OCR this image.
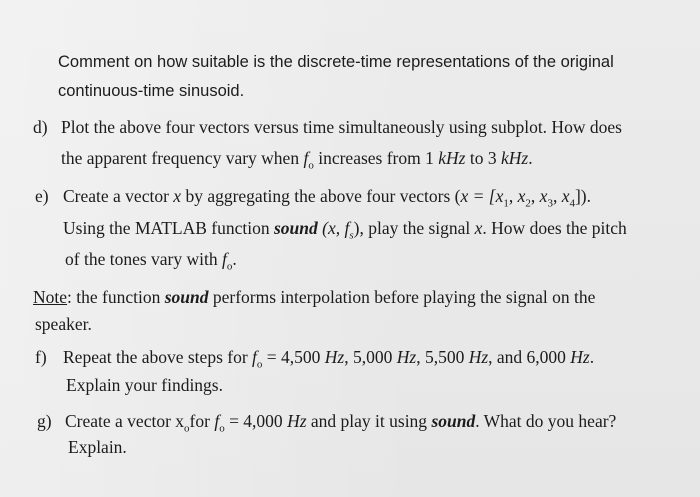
Comment on how suitable is the discrete-time representations of the original
continuous-time sinusoid.
d) Plot the above four vectors versus time simultaneously using subplot. How does
the apparent frequency vary when $f_o$ increases from 1 kHz to 3 kHz.
e) Create a vector x by aggregating the above four vectors ($x = [x_1$, $x_2$, $x_3$, $x_4$]).
Using the MATLAB function sound (x, $f_s$), play the signal x. How does the pitch
of the tones vary with $f_o$.
Note: the function sound performs interpolation before playing the signal on the
speaker.
f) Repeat the above steps for $f_o = 4,500$ Hz, 5,000 Hz, 5,500 Hz, and 6,000 Hz.
Explain your findings.
g) Create a vector $x_ofor$ $f_o = 4,000$ Hz and play it using sound. What do you hear?
Explain.
